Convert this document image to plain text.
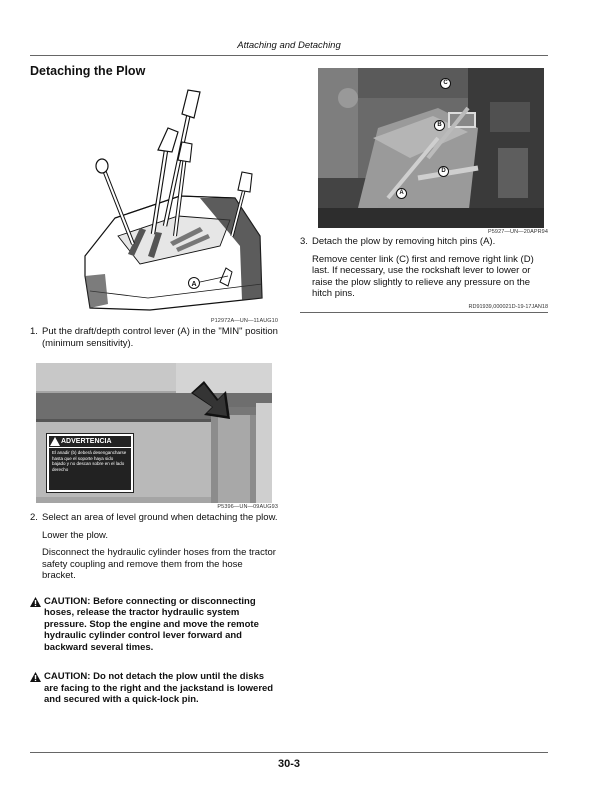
Attaching and Detaching
Detaching the Plow
A
P12972A—UN—11AUG10
1. Put the draft/depth control lever (A) in the "MIN" position (minimum sensitivity).
ADVERTENCIA
El anadir (b) deberá desengancharse hasta que el soporte haya sido bajado y no descan sobre en el lado derecho
P5396—UN—09AUG93
2. Select an area of level ground when detaching the plow.
Lower the plow.
Disconnect the hydraulic cylinder hoses from the tractor safety coupling and remove them from the hose bracket.
CAUTION: Before connecting or disconnecting hoses, release the tractor hydraulic system pressure. Stop the engine and move the remote hydraulic cylinder control lever forward and backward several times.
CAUTION: Do not detach the plow until the disks are facing to the right and the jackstand is lowered and secured with a quick-lock pin.
C
B
D
A
P5927—UN—20APR94
3. Detach the plow by removing hitch pins (A).
Remove center link (C) first and remove right link (D) last. If necessary, use the rockshaft lever to lower or raise the plow slightly to relieve any pressure on the hitch pins.
RD91939,000021D-19-17JAN18
30-3
